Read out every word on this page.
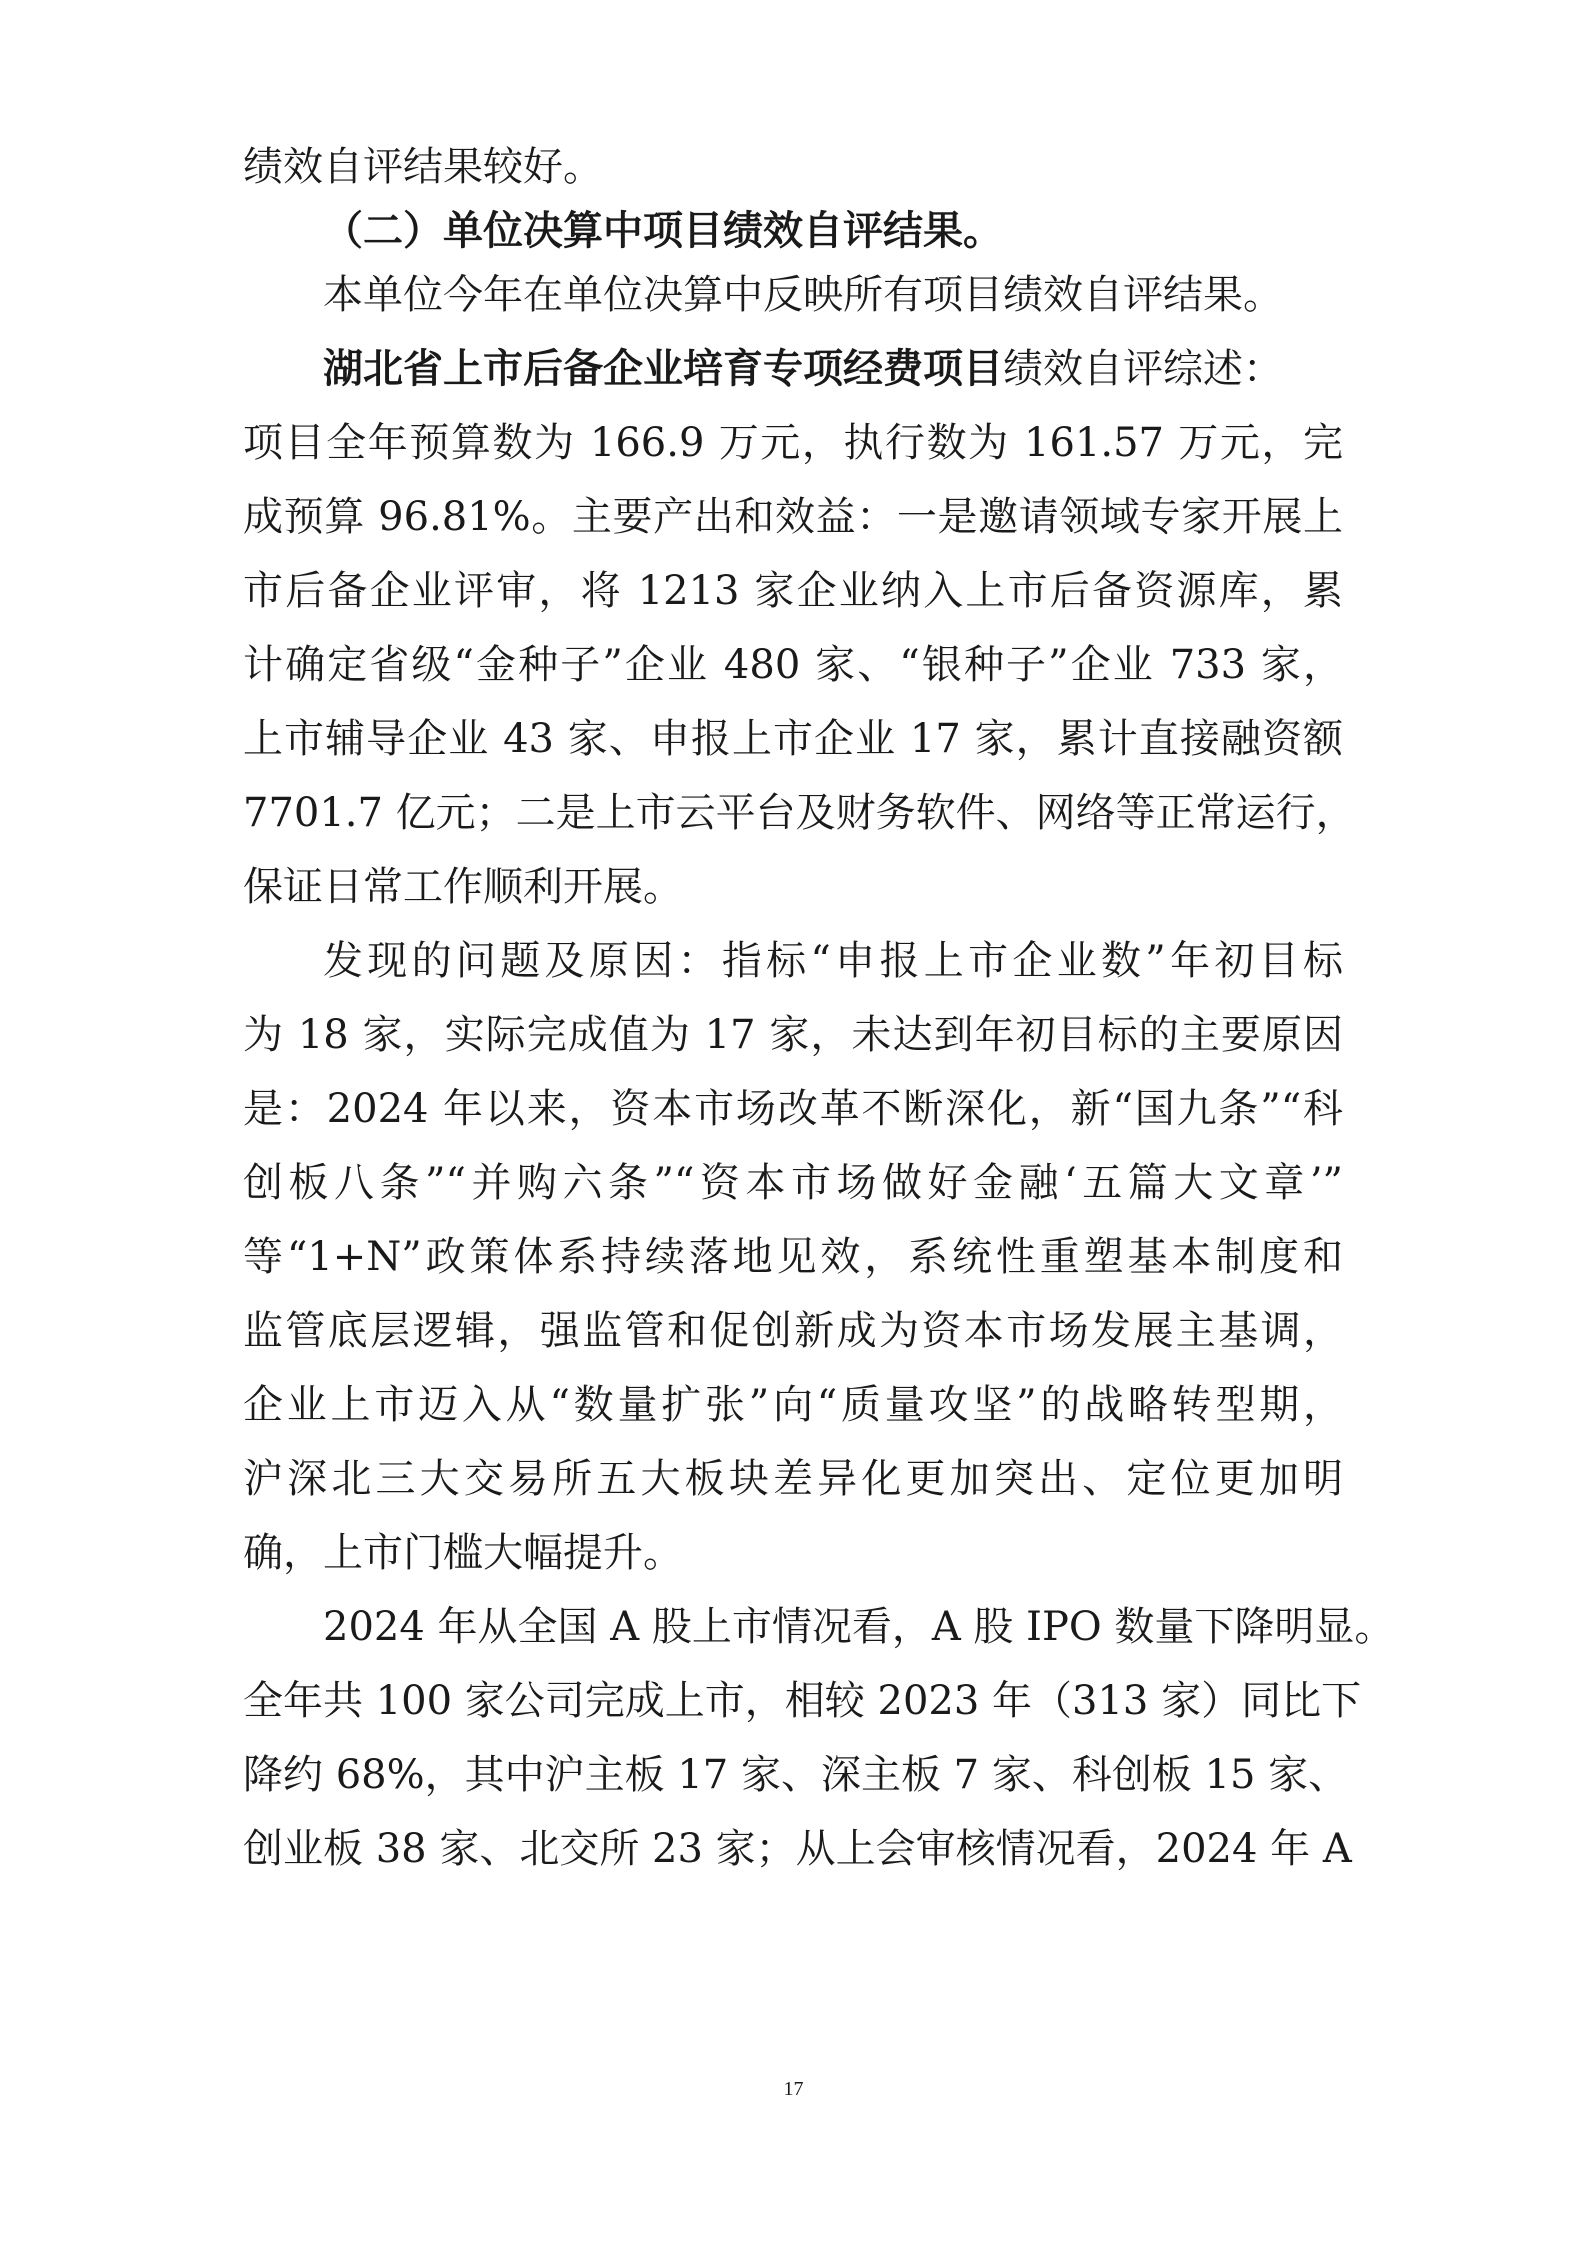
绩效自评结果较好。

（二）单位决算中项目绩效自评结果。

本单位今年在单位决算中反映所有项目绩效自评结果。

湖北省上市后备企业培育专项经费项目绩效自评综述：

项目全年预算数为 166.9 万元，执行数为 161.57 万元，完

成预算 96.81%。主要产出和效益：一是邀请领域专家开展上

市后备企业评审，将 1213 家企业纳入上市后备资源库，累

计确定省级“金种子”企业 480 家、“银种子”企业 733 家，

上市辅导企业 43 家、申报上市企业 17 家，累计直接融资额

7701.7 亿元；二是上市云平台及财务软件、网络等正常运行，

保证日常工作顺利开展。

发现的问题及原因：指标“申报上市企业数”年初目标

为 18 家，实际完成值为 17 家，未达到年初目标的主要原因

是：2024 年以来，资本市场改革不断深化，新“国九条”“科

创板八条”“并购六条”“资本市场做好金融‘五篇大文章’”

等“1+N”政策体系持续落地见效，系统性重塑基本制度和

监管底层逻辑，强监管和促创新成为资本市场发展主基调，

企业上市迈入从“数量扩张”向“质量攻坚”的战略转型期，

沪深北三大交易所五大板块差异化更加突出、定位更加明

确，上市门槛大幅提升。

2024 年从全国 A 股上市情况看，A 股 IPO 数量下降明显。

全年共 100 家公司完成上市，相较 2023 年（313 家）同比下

降约 68%，其中沪主板 17 家、深主板 7 家、科创板 15 家、

创业板 38 家、北交所 23 家；从上会审核情况看，2024 年 A

17
